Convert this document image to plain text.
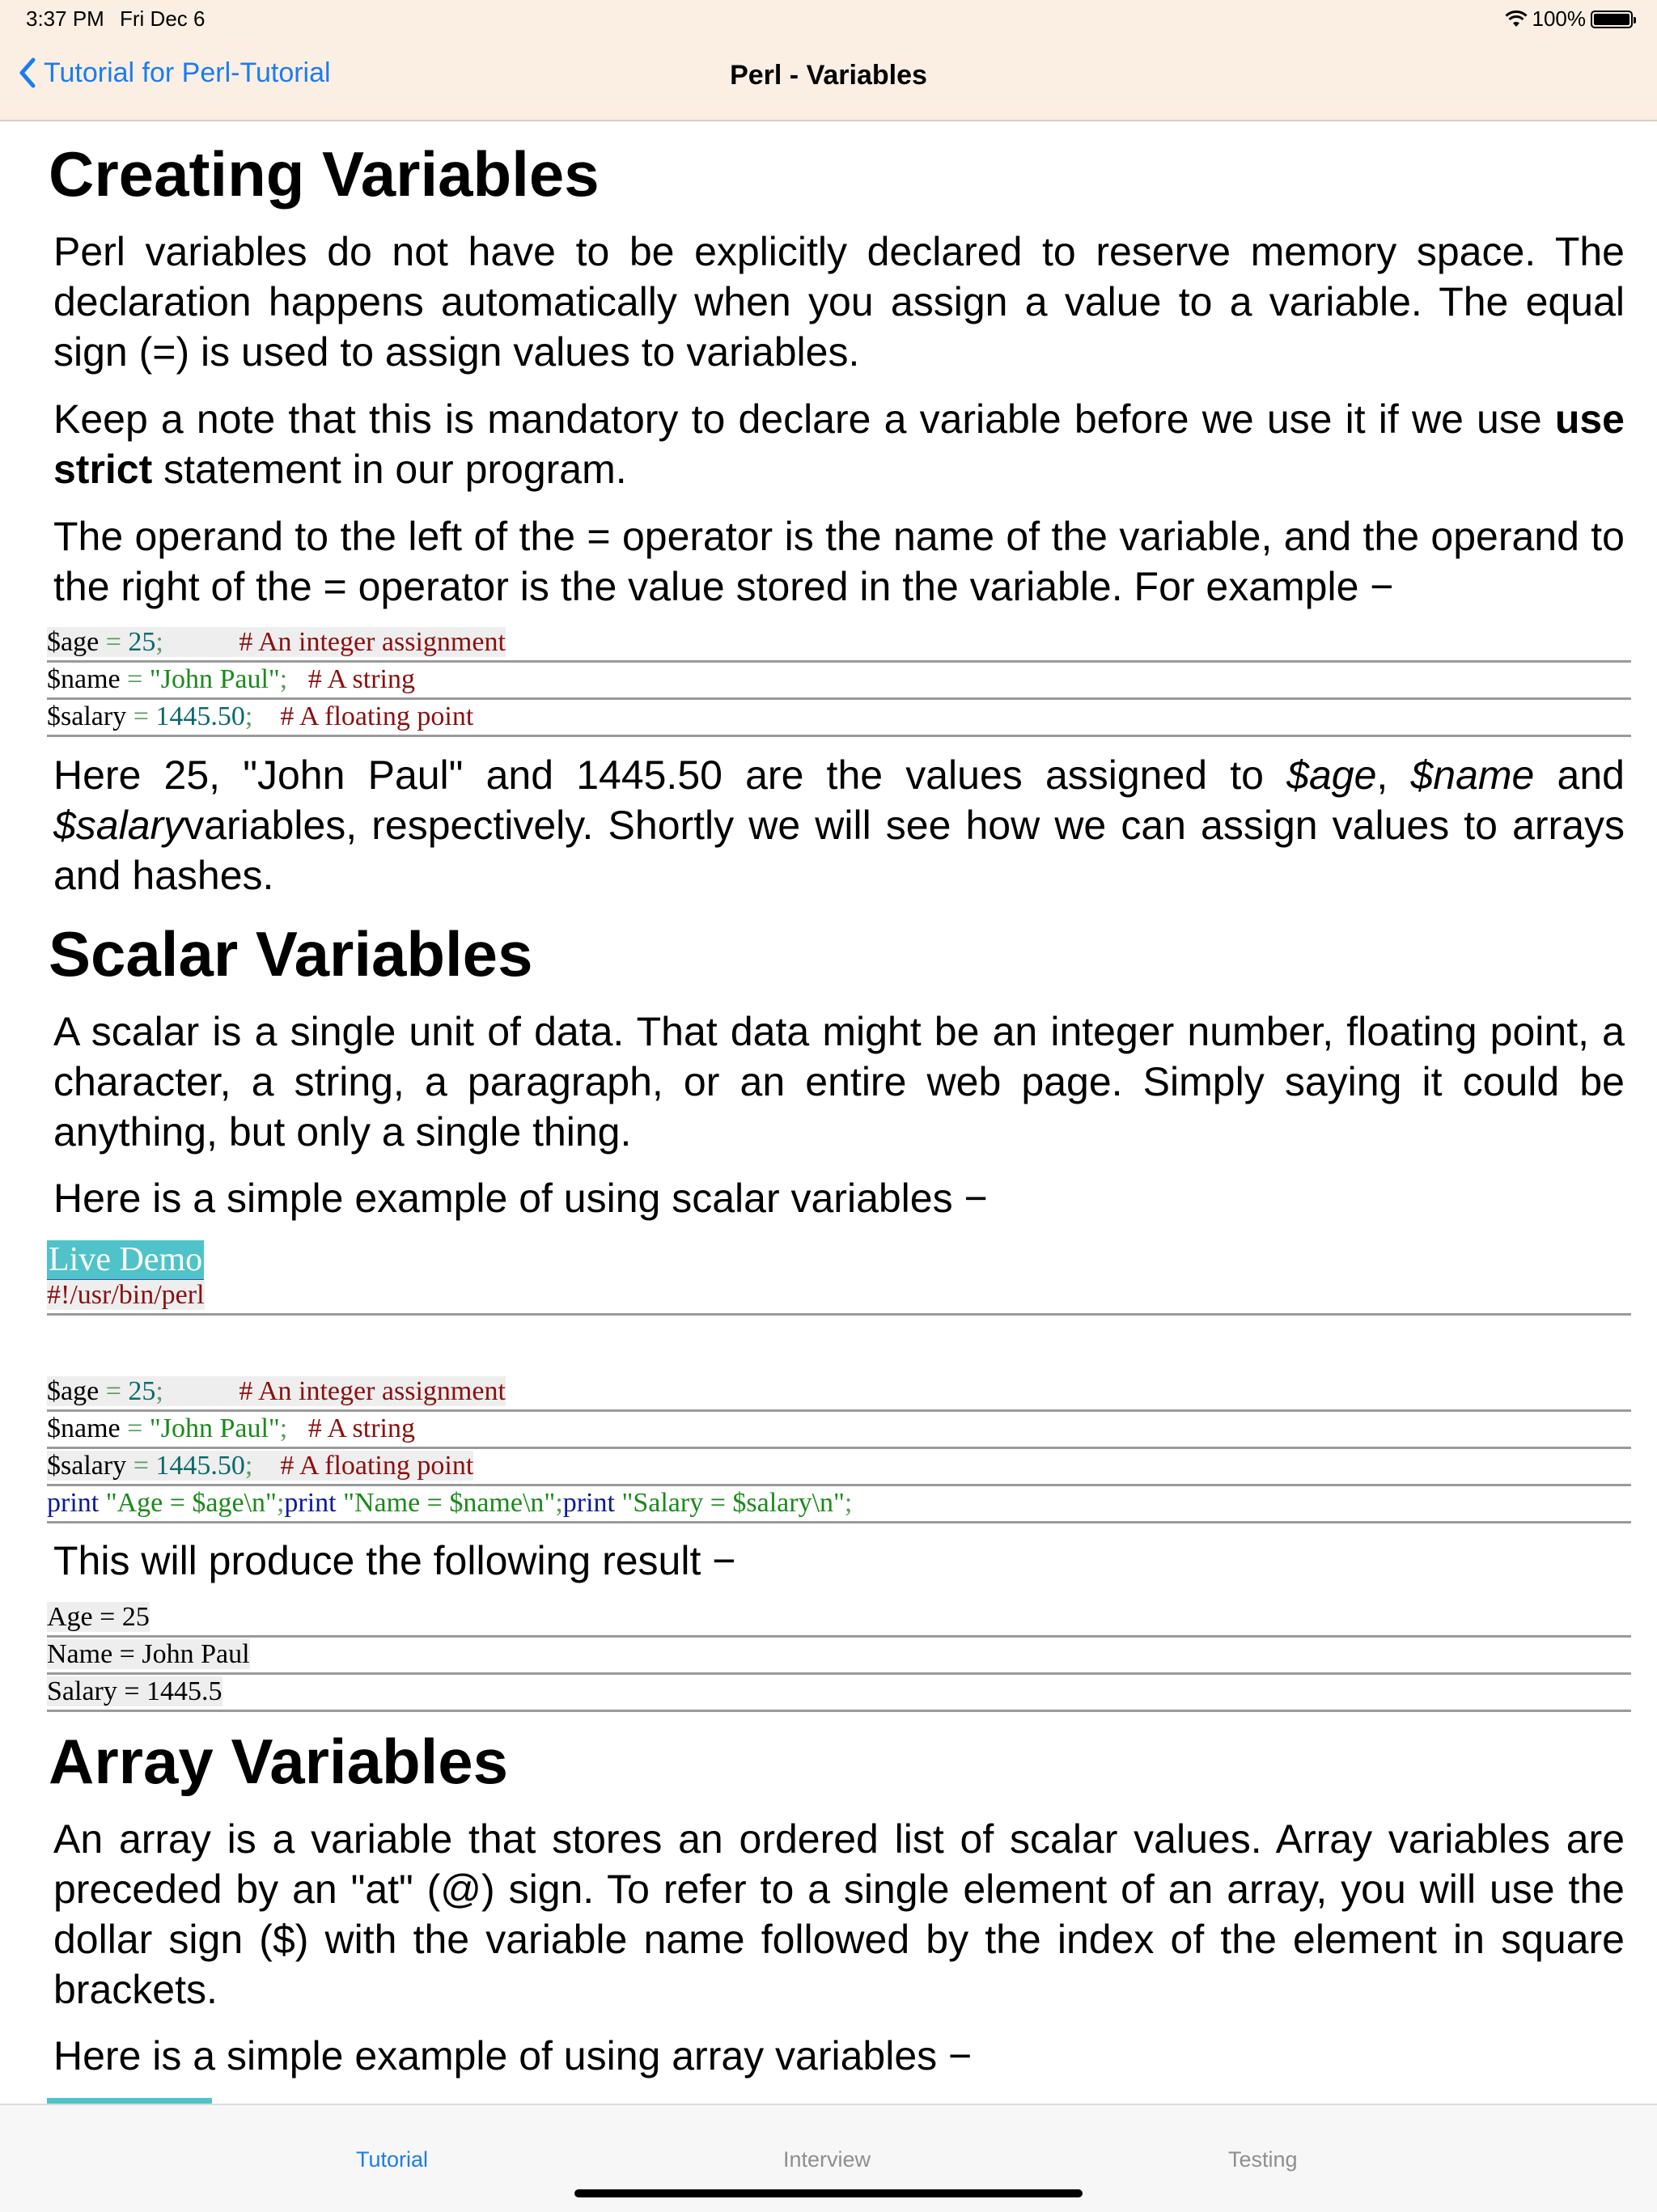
3:37 PM Fri Dec 6	100%
Tutorial for Perl-Tutorial	Perl - Variables
Creating Variables

Perl variables do not have to be explicitly declared to reserve memory space. The declaration happens automatically when you assign a value to a variable. The equal sign (=) is used to assign values to variables.

Keep a note that this is mandatory to declare a variable before we use it if we use use strict statement in our program.

The operand to the left of the = operator is the name of the variable, and the operand to the right of the = operator is the value stored in the variable. For example −

$age = 25;	# An integer assignment
$name = "John Paul"; # A string
$salary = 1445.50; # A floating point

Here 25, "John Paul" and 1445.50 are the values assigned to $age, $name and $salaryvariables, respectively. Shortly we will see how we can assign values to arrays and hashes.

Scalar Variables

A scalar is a single unit of data. That data might be an integer number, floating point, a character, a string, a paragraph, or an entire web page. Simply saying it could be anything, but only a single thing.

Here is a simple example of using scalar variables −

Live Demo
#!/usr/bin/perl
$age = 25;	# An integer assignment
$name = "John Paul"; # A string
$salary = 1445.50; # A floating point
print "Age = $age\n";print "Name = $name\n";print "Salary = $salary\n";

This will produce the following result −

Age = 25
Name = John Paul
Salary = 1445.5
Array Variables

An array is a variable that stores an ordered list of scalar values. Array variables are preceded by an "at" (@) sign. To refer to a single element of an array, you will use the dollar sign ($) with the variable name followed by the index of the element in square brackets.

Here is a simple example of using array variables −

Tutorial	Interview	Testing
